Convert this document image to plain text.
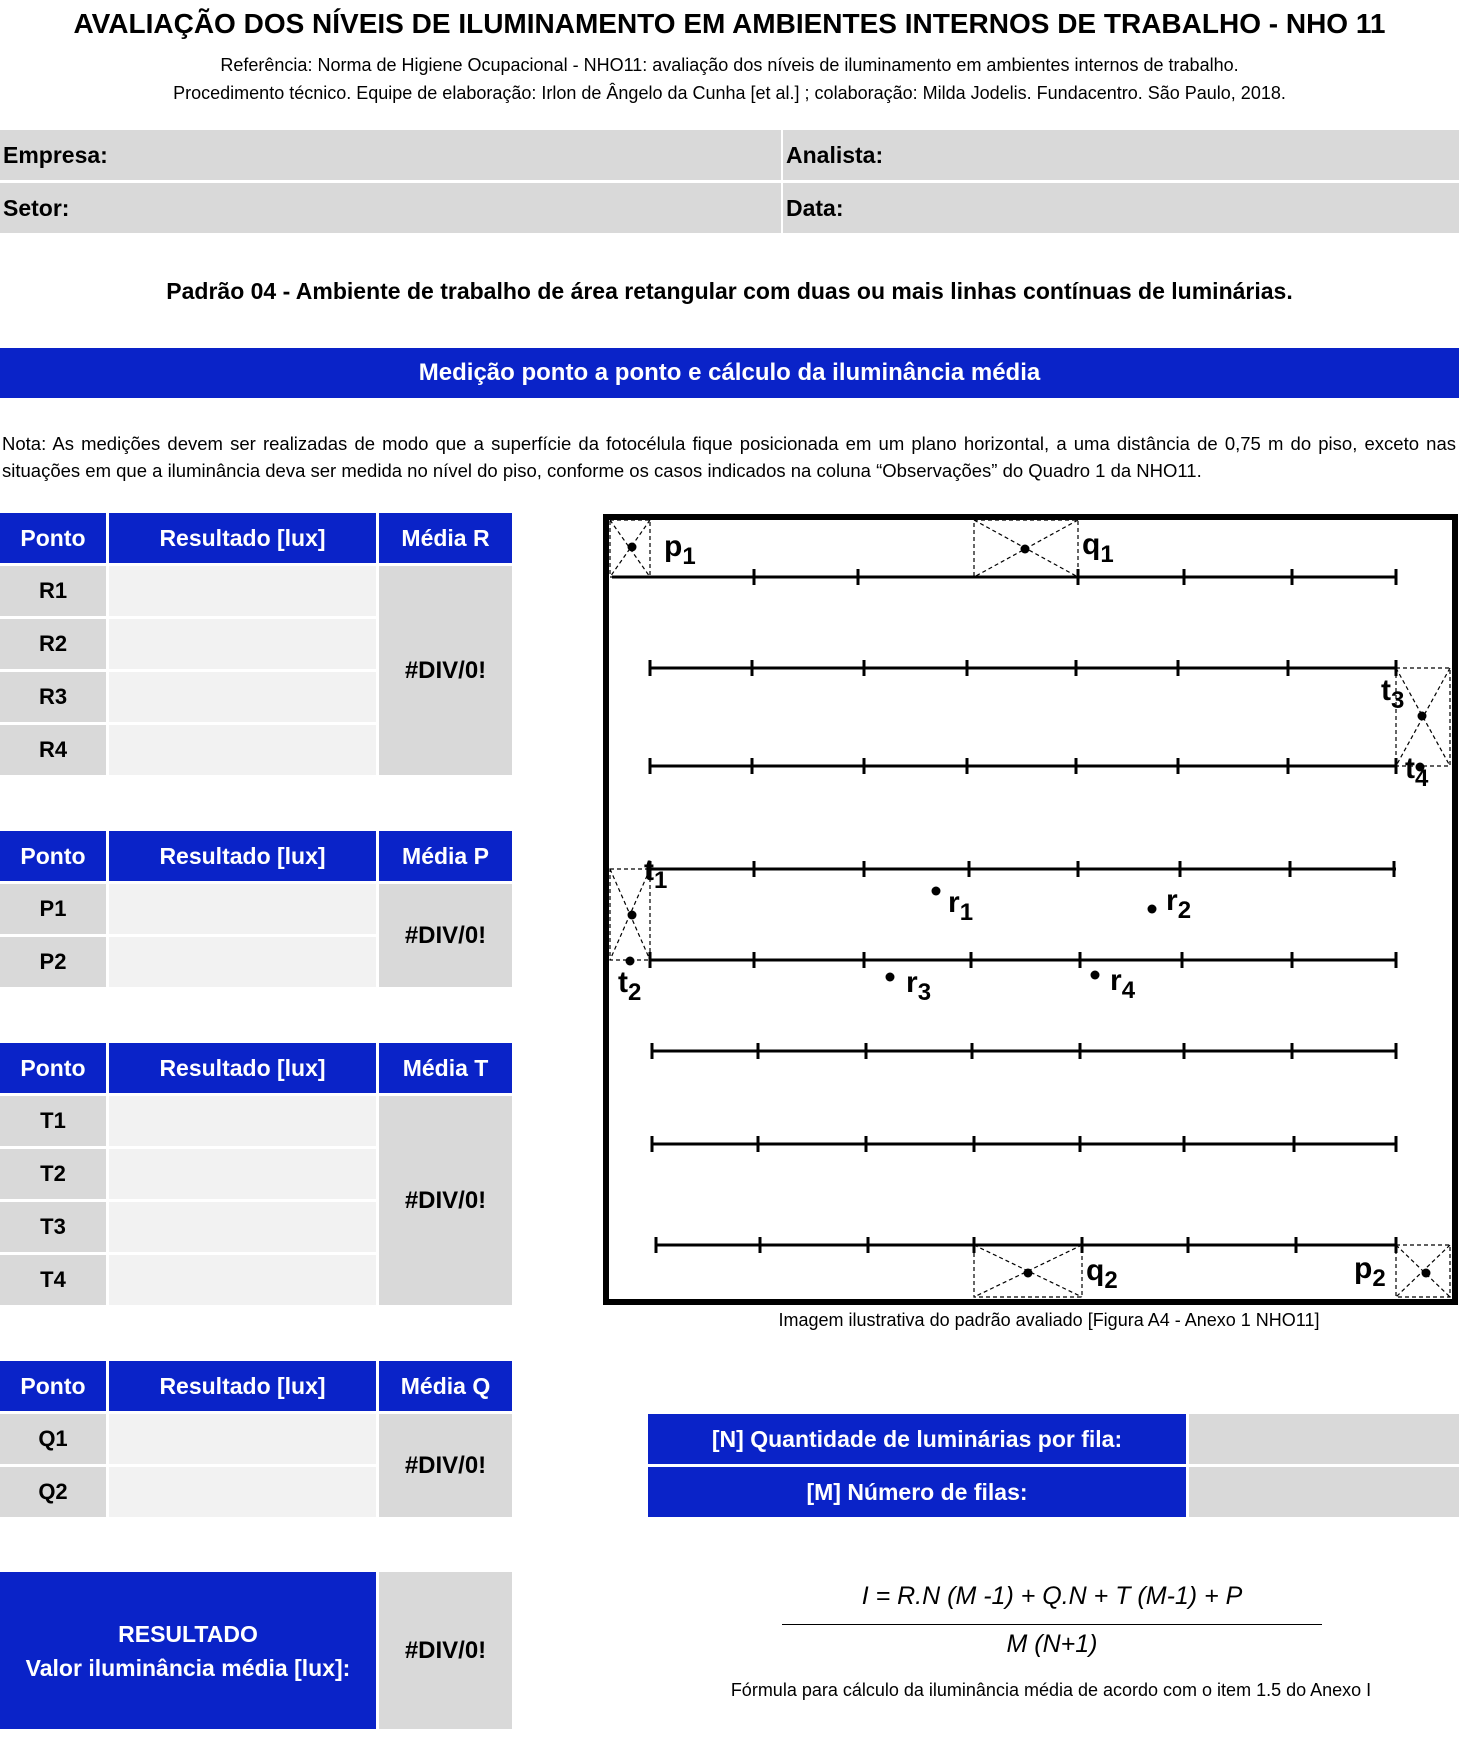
AVALIAÇÃO DOS NÍVEIS DE ILUMINAMENTO EM AMBIENTES INTERNOS DE TRABALHO - NHO 11
Referência: Norma de Higiene Ocupacional - NHO11: avaliação dos níveis de iluminamento em ambientes internos de trabalho.
Procedimento técnico. Equipe de elaboração: Irlon de Ângelo da Cunha [et al.] ; colaboração: Milda Jodelis. Fundacentro. São Paulo, 2018.
Empresa:	Analista:
Setor:	Data:
Padrão 04 - Ambiente de trabalho de área retangular com duas ou mais linhas contínuas de luminárias.
Medição ponto a ponto e cálculo da iluminância média
Nota: As medições devem ser realizadas de modo que a superfície da fotocélula fique posicionada em um plano horizontal, a uma distância de 0,75 m do piso, exceto nas situações em que a iluminância deva ser medida no nível do piso, conforme os casos indicados na coluna “Observações” do Quadro 1 da NHO11.
Ponto	Resultado [lux]	Média R
R1
R2
R3
R4
#DIV/0!
Ponto	Resultado [lux]	Média P
P1
P2
#DIV/0!
Ponto	Resultado [lux]	Média T
T1
T2
T3
T4
#DIV/0!
Ponto	Resultado [lux]	Média Q
Q1
Q2
#DIV/0!
$p_1$	$q_1$
$t_3$
$t_4$
$t_1$
$t_2$
$r_1$	$r_2$
$r_3$	$r_4$
$q_2$	$p_2$
Imagem ilustrativa do padrão avaliado [Figura A4 - Anexo 1 NHO11]
[N] Quantidade de luminárias por fila:
[M] Número de filas:
RESULTADO
Valor iluminância média [lux]:
#DIV/0!
I = R.N (M -1) + Q.N + T (M-1) + P
M (N+1)
Fórmula para cálculo da iluminância média de acordo com o item 1.5 do Anexo I
